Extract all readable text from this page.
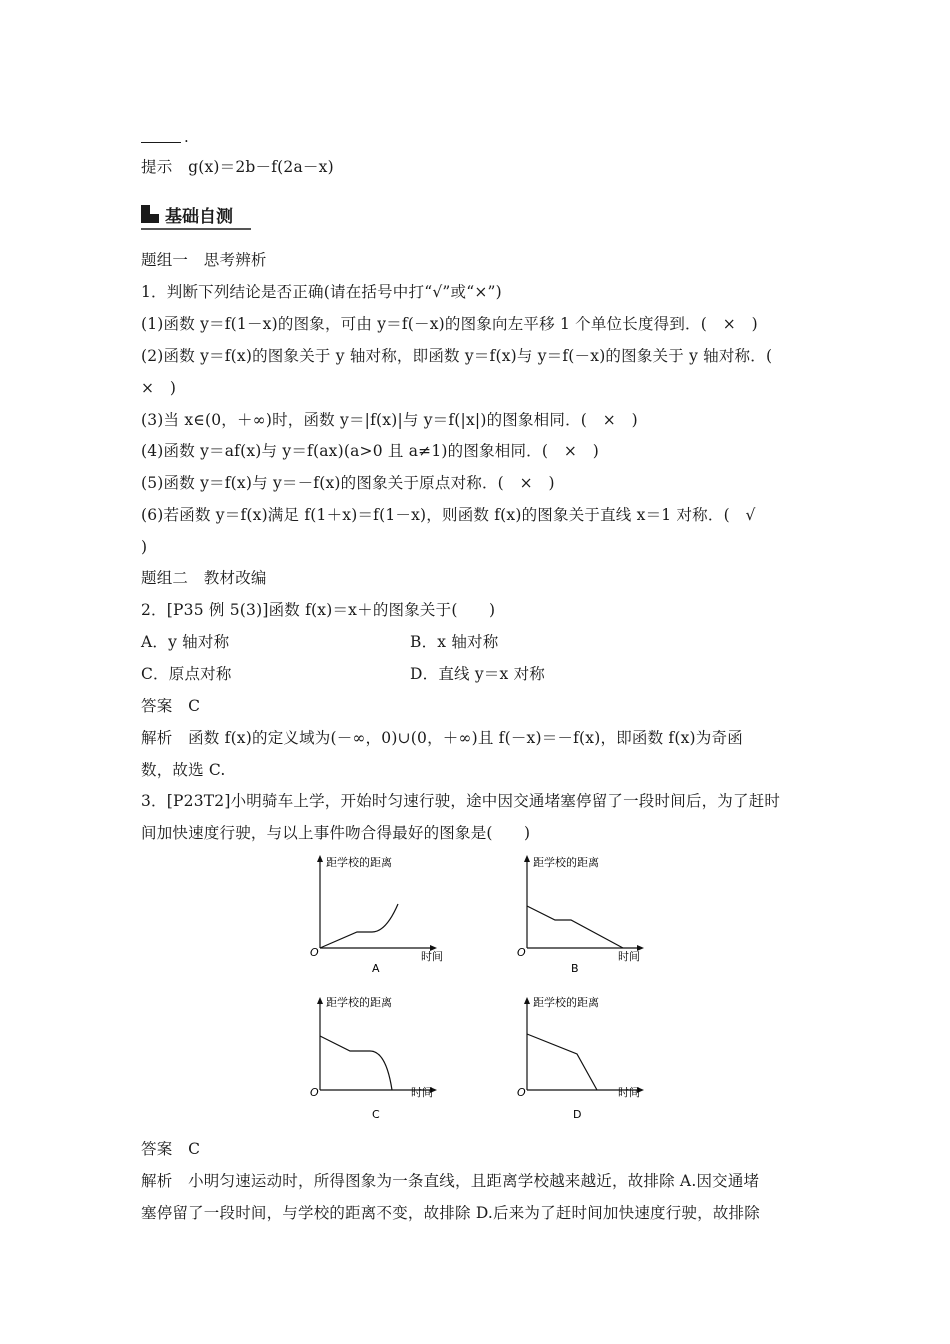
.
提示　g(x)＝2b－f(2a－x)
基础自测
题组一　思考辨析
1．判断下列结论是否正确(请在括号中打“√”或“×”)
(1)函数 y＝f(1－x)的图象，可由 y＝f(－x)的图象向左平移 1 个单位长度得到．(　×　)
(2)函数 y＝f(x)的图象关于 y 轴对称，即函数 y＝f(x)与 y＝f(－x)的图象关于 y 轴对称．(
×　)
(3)当 x∈(0，＋∞)时，函数 y＝|f(x)|与 y＝f(|x|)的图象相同．(　×　)
(4)函数 y＝af(x)与 y＝f(ax)(a>0 且 a≠1)的图象相同．(　×　)
(5)函数 y＝f(x)与 y＝－f(x)的图象关于原点对称．(　×　)
(6)若函数 y＝f(x)满足 f(1＋x)＝f(1－x)，则函数 f(x)的图象关于直线 x＝1 对称．(　√
)
题组二　教材改编
2．[P35 例 5(3)]函数 f(x)＝x＋的图象关于(　　)
A．y 轴对称	B．x 轴对称
C．原点对称	D．直线 y＝x 对称
答案　C
解析　函数 f(x)的定义域为(－∞，0)∪(0，＋∞)且 f(－x)＝－f(x)，即函数 f(x)为奇函
数，故选 C.
3．[P23T2]小明骑车上学，开始时匀速行驶，途中因交通堵塞停留了一段时间后，为了赶时
间加快速度行驶，与以上事件吻合得最好的图象是(　　)
距学校的距离
时间
O
A
距学校的距离
时间
O
B
距学校的距离
时间
O
C
距学校的距离
时间
O
D
答案　C
解析　小明匀速运动时，所得图象为一条直线，且距离学校越来越近，故排除 A.因交通堵
塞停留了一段时间，与学校的距离不变，故排除 D.后来为了赶时间加快速度行驶，故排除
